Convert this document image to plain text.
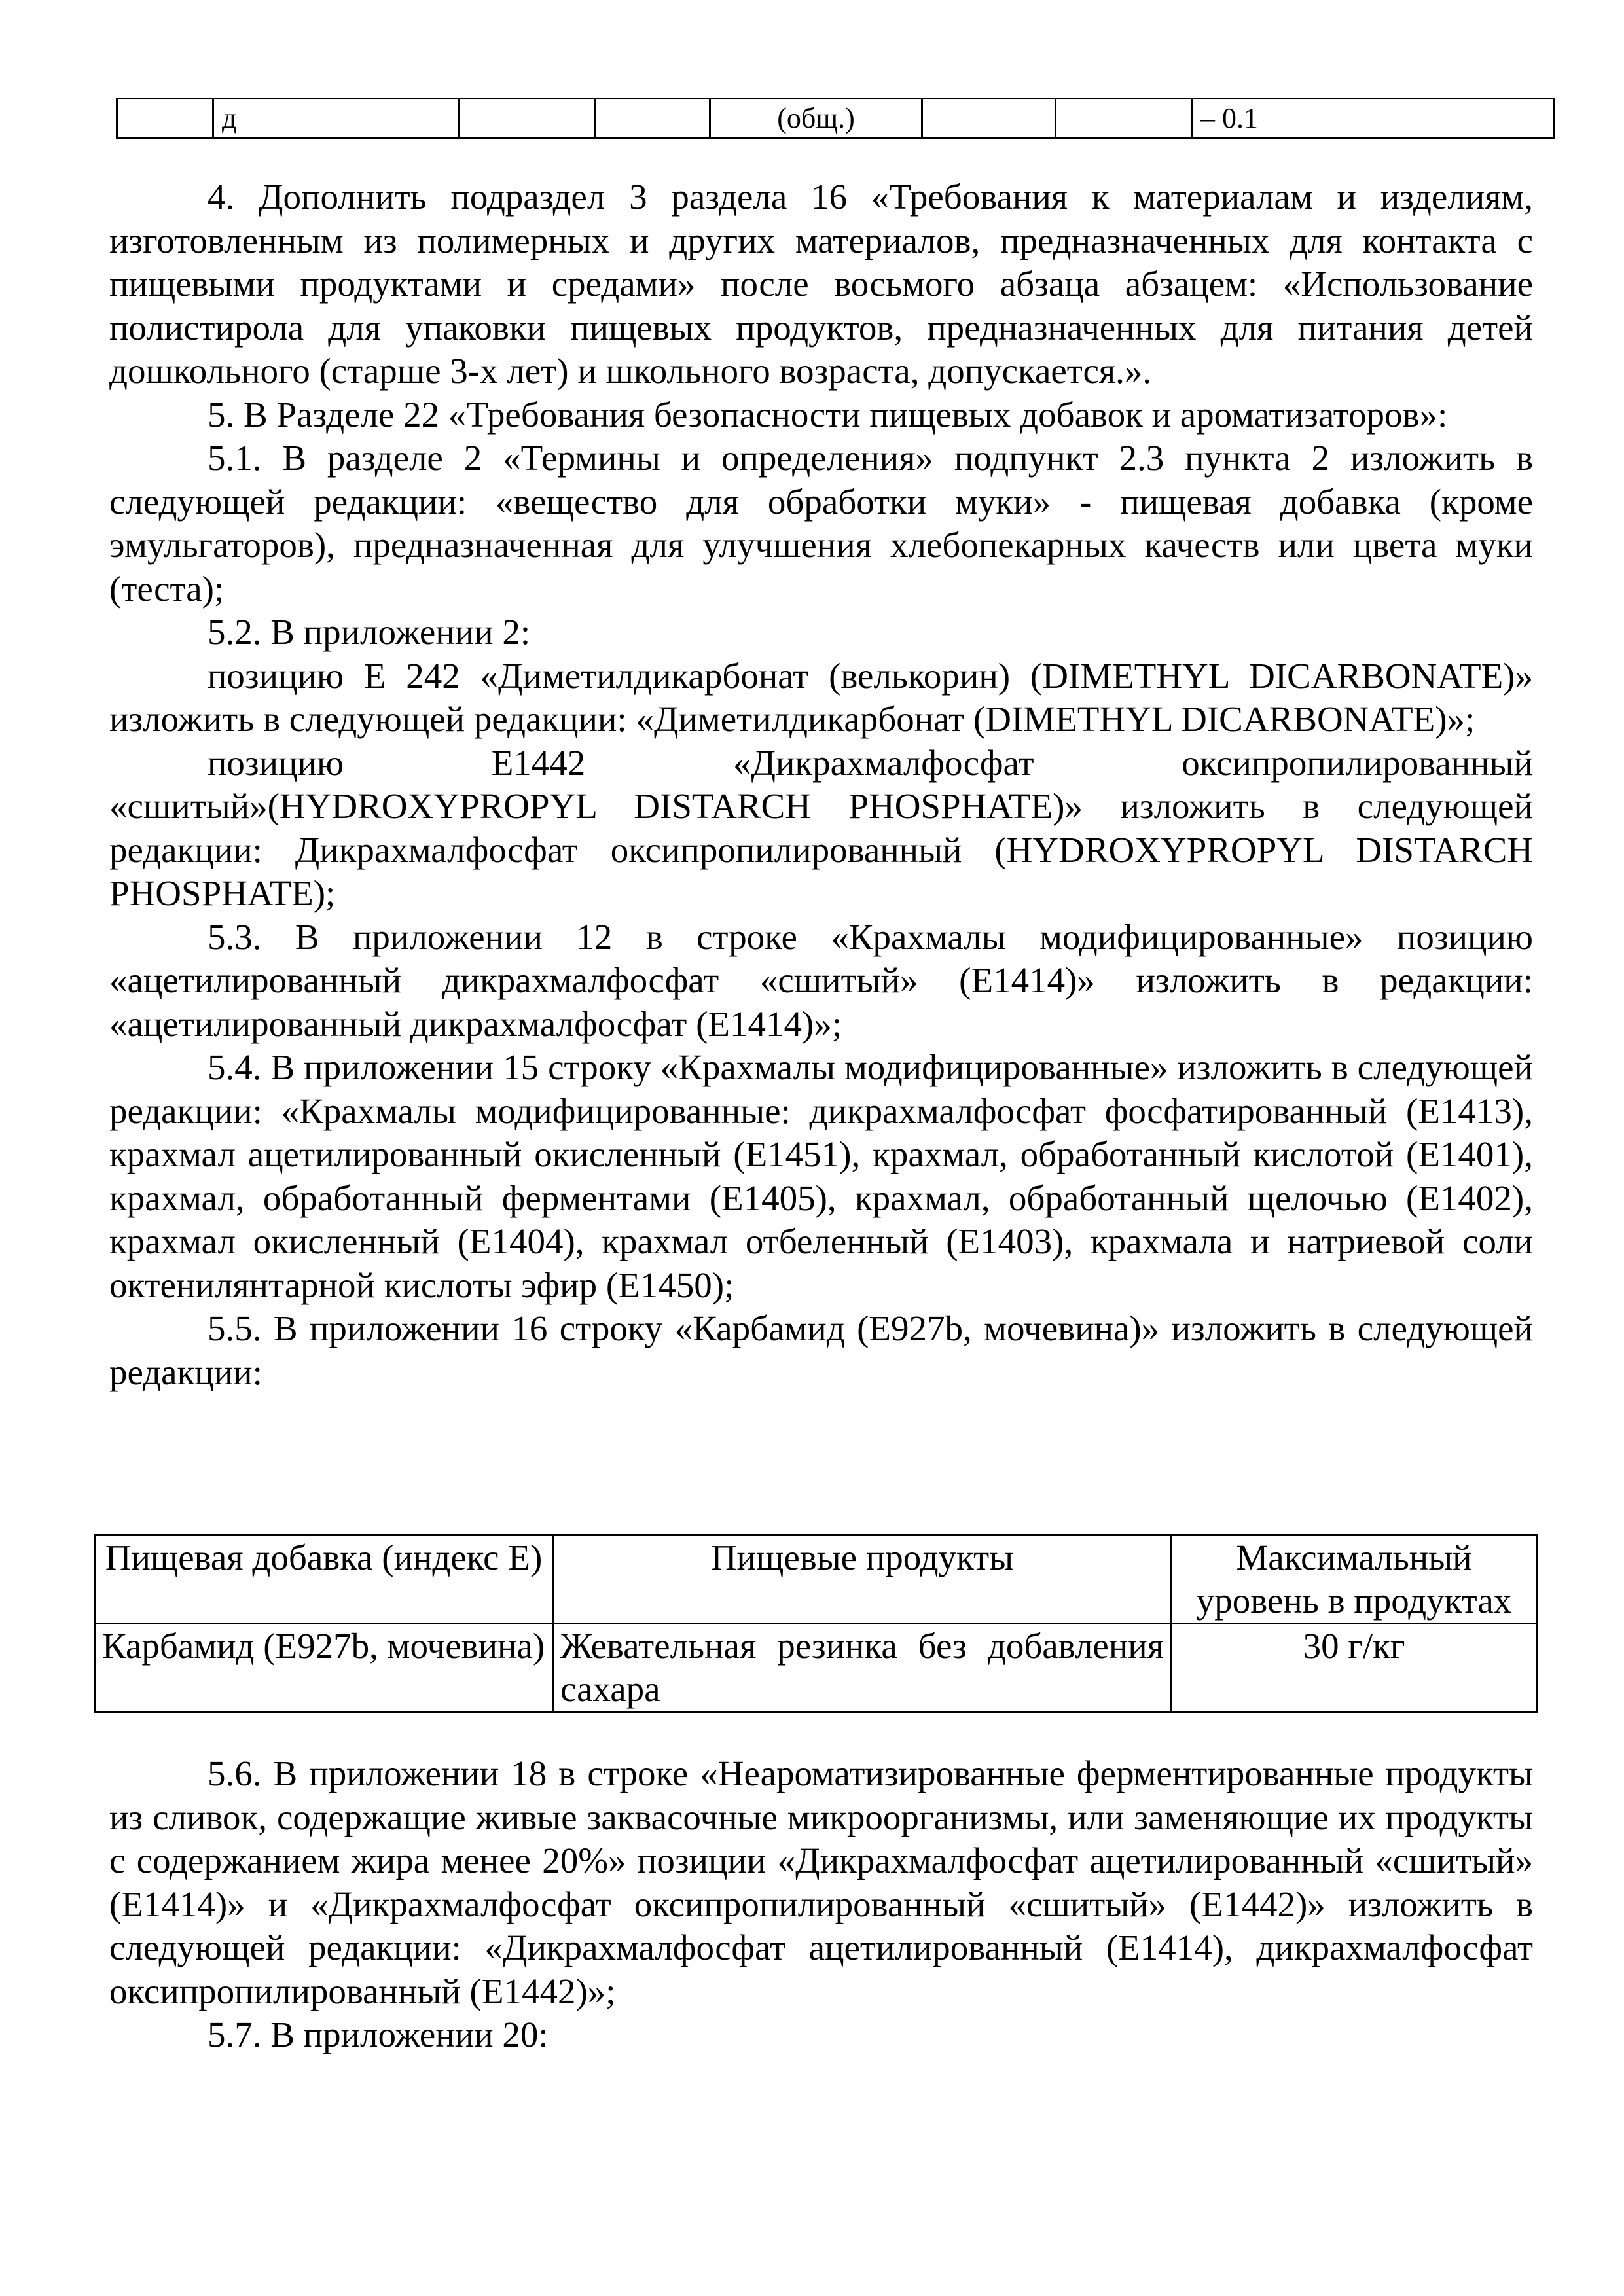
	д			(общ.)			– 0.1	

4. Дополнить подраздел 3 раздела 16 «Требования к материалам и изделиям, изготовленным из полимерных и других материалов, предназначенных для контакта с пищевыми продуктами и средами» после восьмого абзаца абзацем: «Использование полистирола для упаковки пищевых продуктов, предназначенных для питания детей дошкольного (старше 3-х лет) и школьного возраста, допускается.».

5. В Разделе 22 «Требования безопасности пищевых добавок и ароматизаторов»:

5.1. В разделе 2 «Термины и определения» подпункт 2.3 пункта 2 изложить в следующей редакции: «вещество для обработки муки» - пищевая добавка (кроме эмульгаторов), предназначенная для улучшения хлебопекарных качеств или цвета муки (теста);

5.2. В приложении 2:

позицию Е 242 «Диметилдикарбонат (велькорин) (DIMETHYL DICARBONATE)» изложить в следующей редакции: «Диметилдикарбонат (DIMETHYL DICARBONATE)»;

позицию Е1442 «Дикрахмалфосфат оксипропилированный «сшитый»(HYDROXYPROPYL DISTARCH PHOSPHATE)» изложить в следующей редакции: Дикрахмалфосфат оксипропилированный (HYDROXYPROPYL DISTARCH PHOSPHATE);

5.3. В приложении 12 в строке «Крахмалы модифицированные» позицию «ацетилированный дикрахмалфосфат «сшитый» (Е1414)» изложить в редакции: «ацетилированный дикрахмалфосфат (Е1414)»;

5.4. В приложении 15 строку «Крахмалы модифицированные» изложить в следующей редакции: «Крахмалы модифицированные: дикрахмалфосфат фосфатированный (Е1413), крахмал ацетилированный окисленный (Е1451), крахмал, обработанный кислотой (Е1401), крахмал, обработанный ферментами (Е1405), крахмал, обработанный щелочью (Е1402), крахмал окисленный (Е1404), крахмал отбеленный (Е1403), крахмала и натриевой соли октенилянтарной кислоты эфир (Е1450);

5.5. В приложении 16 строку «Карбамид (Е927b, мочевина)» изложить в следующей редакции:

Пищевая добавка (индекс Е)	Пищевые продукты	Максимальный уровень в продуктах
Карбамид (Е927b, мочевина)	Жевательная резинка без добавления сахара	30 г/кг

5.6. В приложении 18 в строке «Неароматизированные ферментированные продукты из сливок, содержащие живые заквасочные микроорганизмы, или заменяющие их продукты с содержанием жира менее 20%» позиции «Дикрахмалфосфат ацетилированный «сшитый» (Е1414)» и «Дикрахмалфосфат оксипропилированный «сшитый» (Е1442)» изложить в следующей редакции: «Дикрахмалфосфат ацетилированный (Е1414), дикрахмалфосфат оксипропилированный (Е1442)»;

5.7. В приложении 20:
